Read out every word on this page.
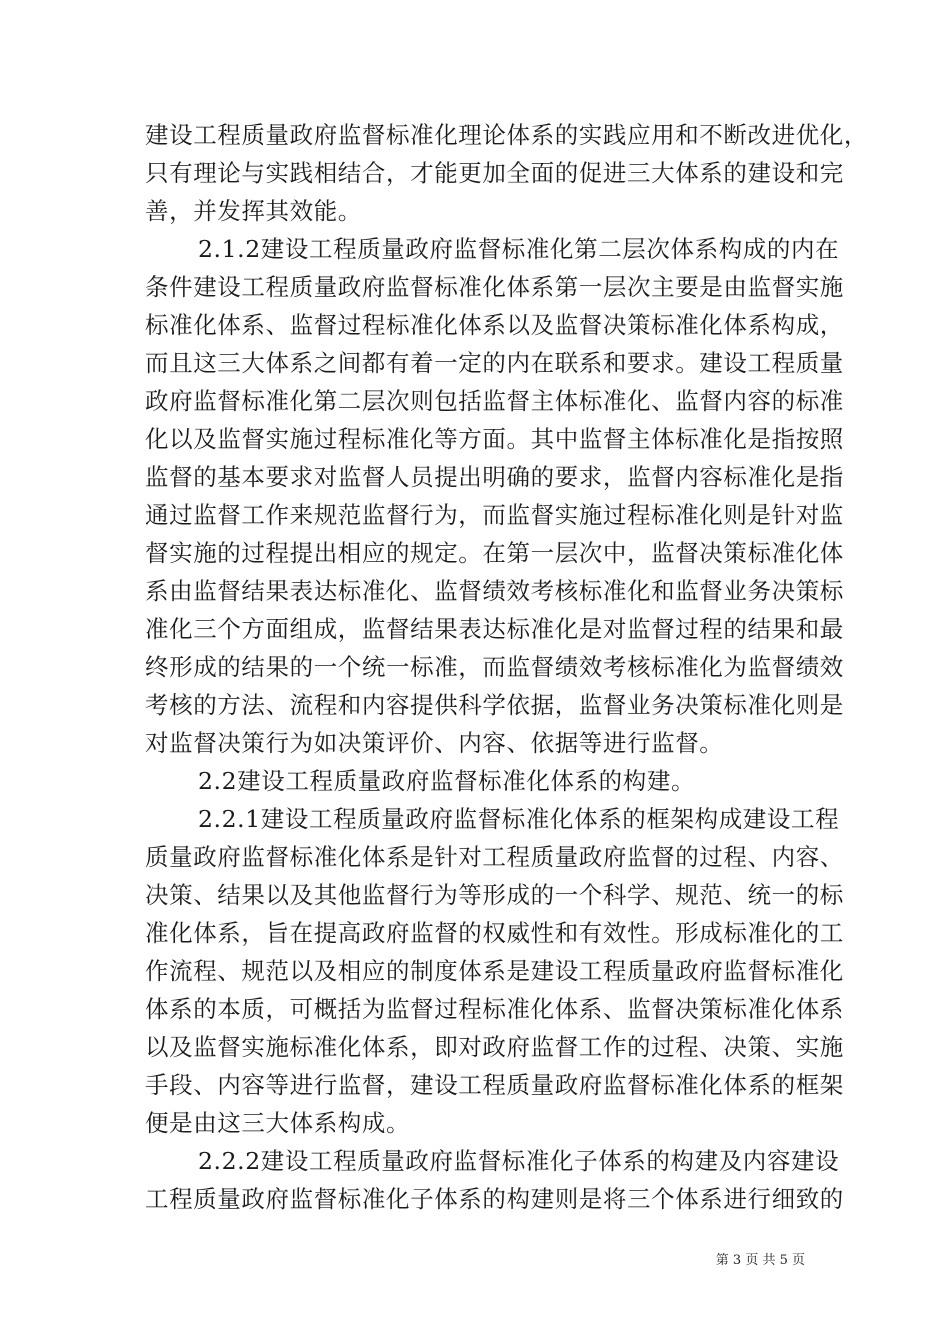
建设工程质量政府监督标准化理论体系的实践应用和不断改进优化，
只有理论与实践相结合，才能更加全面的促进三大体系的建设和完
善，并发挥其效能。
2.1.2建设工程质量政府监督标准化第二层次体系构成的内在
条件建设工程质量政府监督标准化体系第一层次主要是由监督实施
标准化体系、监督过程标准化体系以及监督决策标准化体系构成，
而且这三大体系之间都有着一定的内在联系和要求。建设工程质量
政府监督标准化第二层次则包括监督主体标准化、监督内容的标准
化以及监督实施过程标准化等方面。其中监督主体标准化是指按照
监督的基本要求对监督人员提出明确的要求，监督内容标准化是指
通过监督工作来规范监督行为，而监督实施过程标准化则是针对监
督实施的过程提出相应的规定。在第一层次中，监督决策标准化体
系由监督结果表达标准化、监督绩效考核标准化和监督业务决策标
准化三个方面组成，监督结果表达标准化是对监督过程的结果和最
终形成的结果的一个统一标准，而监督绩效考核标准化为监督绩效
考核的方法、流程和内容提供科学依据，监督业务决策标准化则是
对监督决策行为如决策评价、内容、依据等进行监督。
2.2建设工程质量政府监督标准化体系的构建。
2.2.1建设工程质量政府监督标准化体系的框架构成建设工程
质量政府监督标准化体系是针对工程质量政府监督的过程、内容、
决策、结果以及其他监督行为等形成的一个科学、规范、统一的标
准化体系，旨在提高政府监督的权威性和有效性。形成标准化的工
作流程、规范以及相应的制度体系是建设工程质量政府监督标准化
体系的本质，可概括为监督过程标准化体系、监督决策标准化体系
以及监督实施标准化体系，即对政府监督工作的过程、决策、实施
手段、内容等进行监督，建设工程质量政府监督标准化体系的框架
便是由这三大体系构成。
2.2.2建设工程质量政府监督标准化子体系的构建及内容建设
工程质量政府监督标准化子体系的构建则是将三个体系进行细致的
第 3 页 共 5 页
